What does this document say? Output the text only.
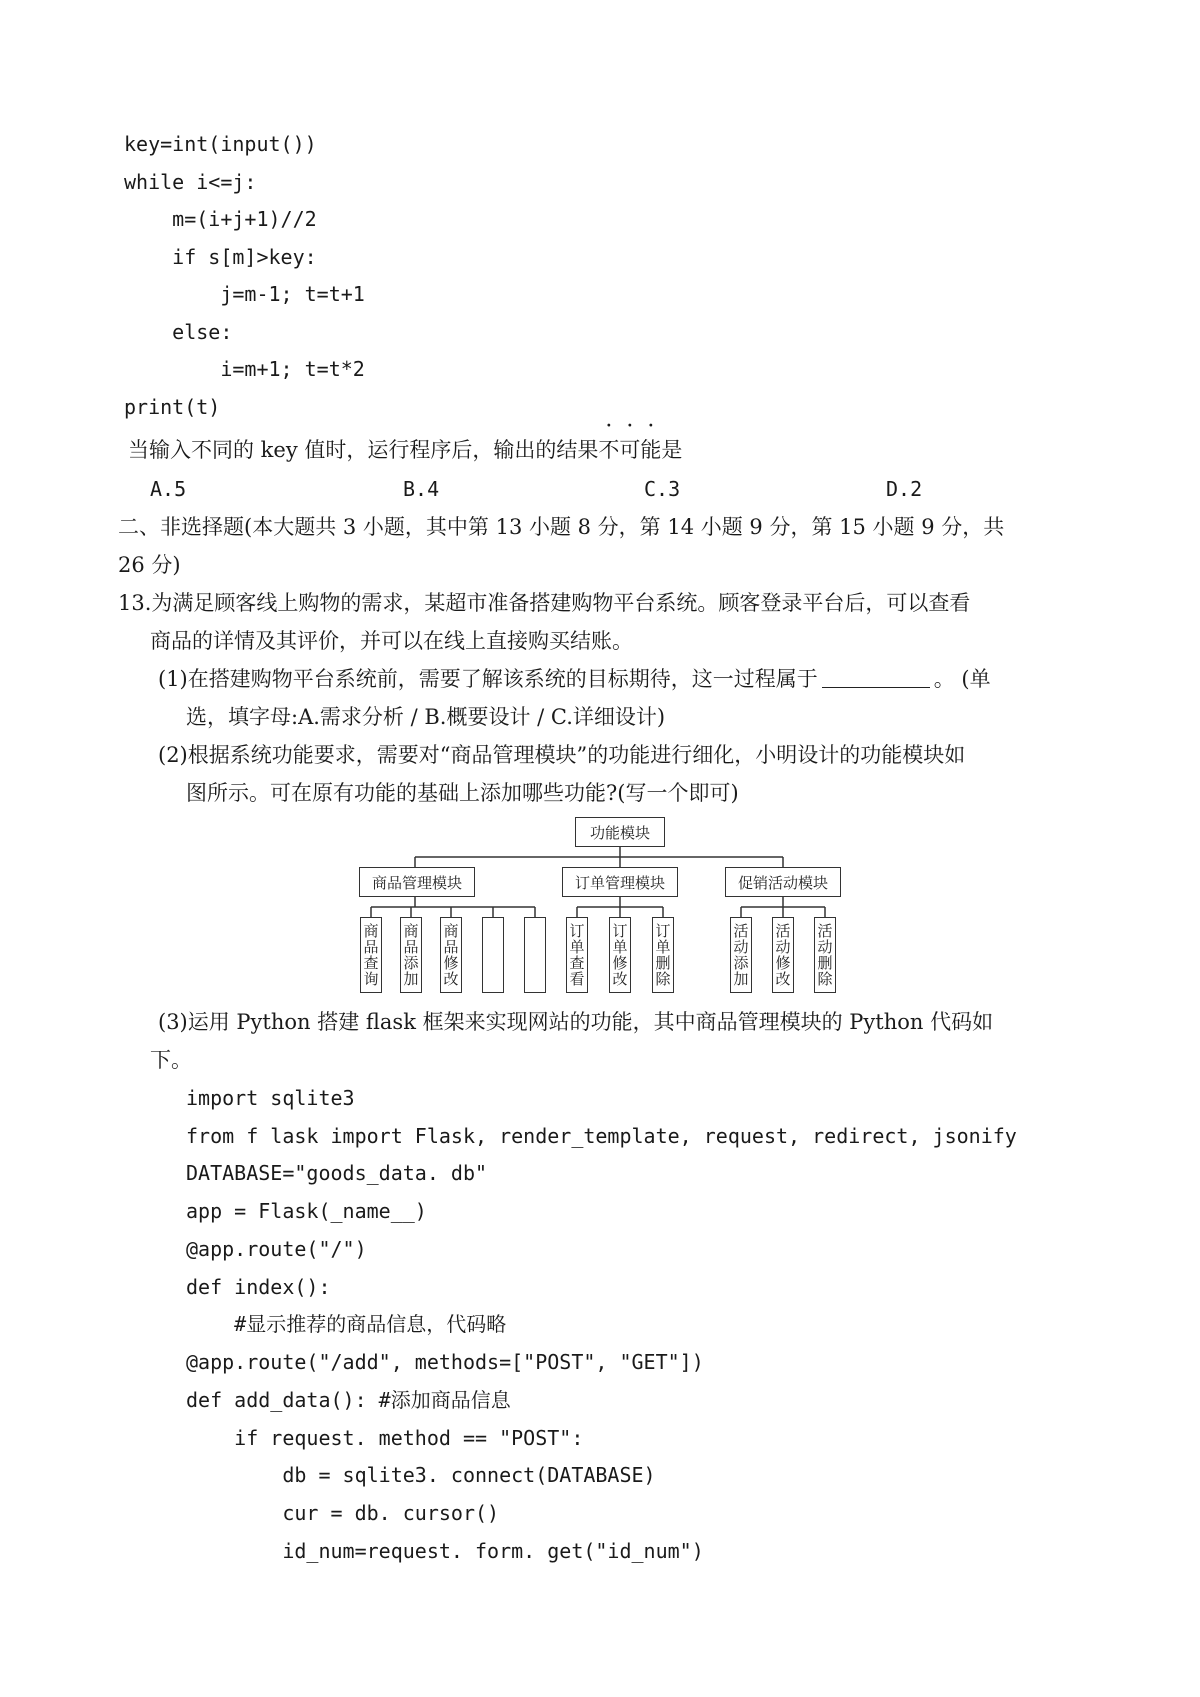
key=int(input())
while i<=j:
m=(i+j+1)//2
if s[m]>key:
j=m-1; t=t+1
else:
i=m+1; t=t*2
print(t)
当输入不同的 key 值时，运行程序后，输出的结果不可能是
A.5	B.4	C.3	D.2
二、非选择题(本大题共 3 小题，其中第 13 小题 8 分，第 14 小题 9 分，第 15 小题 9 分，共
26 分)
13.为满足顾客线上购物的需求，某超市准备搭建购物平台系统。顾客登录平台后，可以查看
商品的详情及其评价，并可以在线上直接购买结账。
(1)在搭建购物平台系统前，需要了解该系统的目标期待，这一过程属于	。 (单
选，填字母:A.需求分析 / B.概要设计 / C.详细设计)
(2)根据系统功能要求，需要对“商品管理模块”的功能进行细化，小明设计的功能模块如
图所示。可在原有功能的基础上添加哪些功能?(写一个即可)
功能模块
商品管理模块	订单管理模块	促销活动模块
商品查询 商品添加 商品修改	订单查看 订单修改 订单删除	活动添加 活动修改 活动删除
(3)运用 Python 搭建 flask 框架来实现网站的功能，其中商品管理模块的 Python 代码如
下。
import sqlite3
from f lask import Flask, render_template, request, redirect, jsonify
DATABASE="goods_data. db"
app = Flask(_name__)
@app.route("/")
def index():
#显示推荐的商品信息，代码略
@app.route("/add", methods=["POST", "GET"])
def add_data(): #添加商品信息
if request. method == "POST":
db = sqlite3. connect(DATABASE)
cur = db. cursor()
id_num=request. form. get("id_num")
